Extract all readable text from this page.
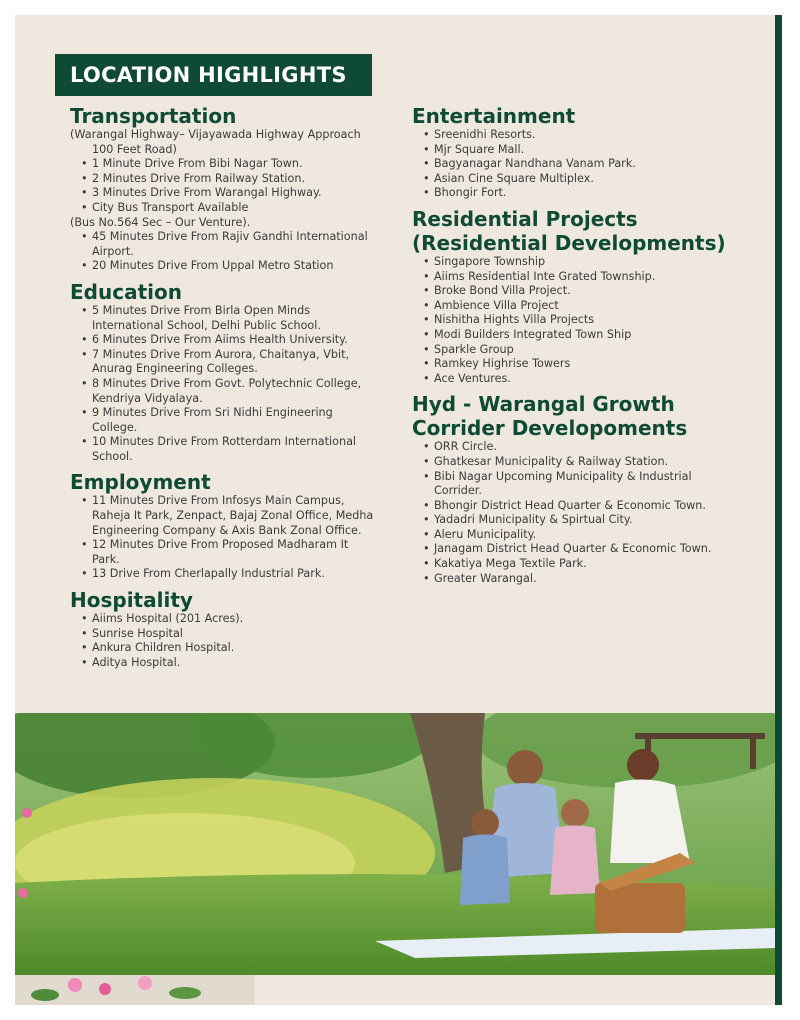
LOCATION HIGHLIGHTS
Transportation
(Warangal Highway– Vijayawada Highway Approach 100 Feet Road)
• 1 Minute Drive From Bibi Nagar Town.
• 2 Minutes Drive From Railway Station.
• 3 Minutes Drive From Warangal Highway.
• City Bus Transport Available
(Bus No.564 Sec – Our Venture).
• 45 Minutes Drive From Rajiv Gandhi International Airport.
• 20 Minutes Drive From Uppal Metro Station
Education
• 5 Minutes Drive From Birla Open Minds International School, Delhi Public School.
• 6 Minutes Drive From Aiims Health University.
• 7 Minutes Drive From Aurora, Chaitanya, Vbit, Anurag Engineering Colleges.
• 8 Minutes Drive From Govt. Polytechnic College, Kendriya Vidyalaya.
• 9 Minutes Drive From Sri Nidhi Engineering College.
• 10 Minutes Drive From Rotterdam International School.
Employment
• 11 Minutes Drive From Infosys Main Campus, Raheja It Park, Zenpact, Bajaj Zonal Office, Medha Engineering Company & Axis Bank Zonal Office.
• 12 Minutes Drive From Proposed Madharam It Park.
• 13 Drive From Cherlapally Industrial Park.
Hospitality
• Aiims Hospital (201 Acres).
• Sunrise Hospital
• Ankura Children Hospital.
• Aditya Hospital.
Entertainment
• Sreenidhi Resorts.
• Mjr Square Mall.
• Bagyanagar Nandhana Vanam Park.
• Asian Cine Square Multiplex.
• Bhongir Fort.
Residential Projects (Residential Developments)
• Singapore Township
• Aiims Residential Inte Grated Township.
• Broke Bond Villa Project.
• Ambience Villa Project
• Nishitha Hights Villa Projects
• Modi Builders Integrated Town Ship
• Sparkle Group
• Ramkey Highrise Towers
• Ace Ventures.
Hyd - Warangal Growth Corrider Developoments
• ORR Circle.
• Ghatkesar Municipality & Railway Station.
• Bibi Nagar Upcoming Municipality & Industrial Corrider.
• Bhongir District Head Quarter & Economic Town.
• Yadadri Municipality & Spirtual City.
• Aleru Municipality.
• Janagam District Head Quarter & Economic Town.
• Kakatiya Mega Textile Park.
• Greater Warangal.
